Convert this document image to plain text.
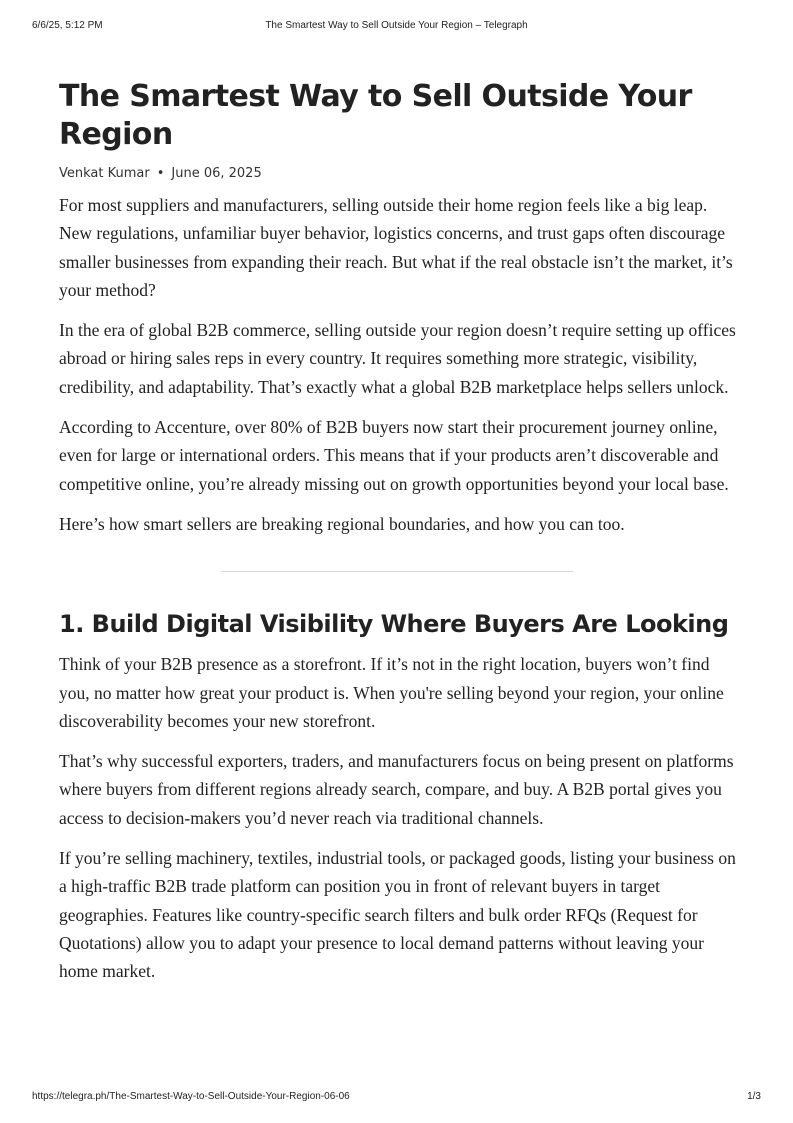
6/6/25, 5:12 PM	The Smartest Way to Sell Outside Your Region – Telegraph
The Smartest Way to Sell Outside Your Region
Venkat Kumar • June 06, 2025

For most suppliers and manufacturers, selling outside their home region feels like a big leap. New regulations, unfamiliar buyer behavior, logistics concerns, and trust gaps often discourage smaller businesses from expanding their reach. But what if the real obstacle isn’t the market, it’s your method?

In the era of global B2B commerce, selling outside your region doesn’t require setting up offices abroad or hiring sales reps in every country. It requires something more strategic, visibility, credibility, and adaptability. That’s exactly what a global B2B marketplace helps sellers unlock.

According to Accenture, over 80% of B2B buyers now start their procurement journey online, even for large or international orders. This means that if your products aren’t discoverable and competitive online, you’re already missing out on growth opportunities beyond your local base.

Here’s how smart sellers are breaking regional boundaries, and how you can too.

1. Build Digital Visibility Where Buyers Are Looking

Think of your B2B presence as a storefront. If it’s not in the right location, buyers won’t find you, no matter how great your product is. When you're selling beyond your region, your online discoverability becomes your new storefront.

That’s why successful exporters, traders, and manufacturers focus on being present on platforms where buyers from different regions already search, compare, and buy. A B2B portal gives you access to decision-makers you’d never reach via traditional channels.

If you’re selling machinery, textiles, industrial tools, or packaged goods, listing your business on a high-traffic B2B trade platform can position you in front of relevant buyers in target geographies. Features like country-specific search filters and bulk order RFQs (Request for Quotations) allow you to adapt your presence to local demand patterns without leaving your home market.

https://telegra.ph/The-Smartest-Way-to-Sell-Outside-Your-Region-06-06	1/3
